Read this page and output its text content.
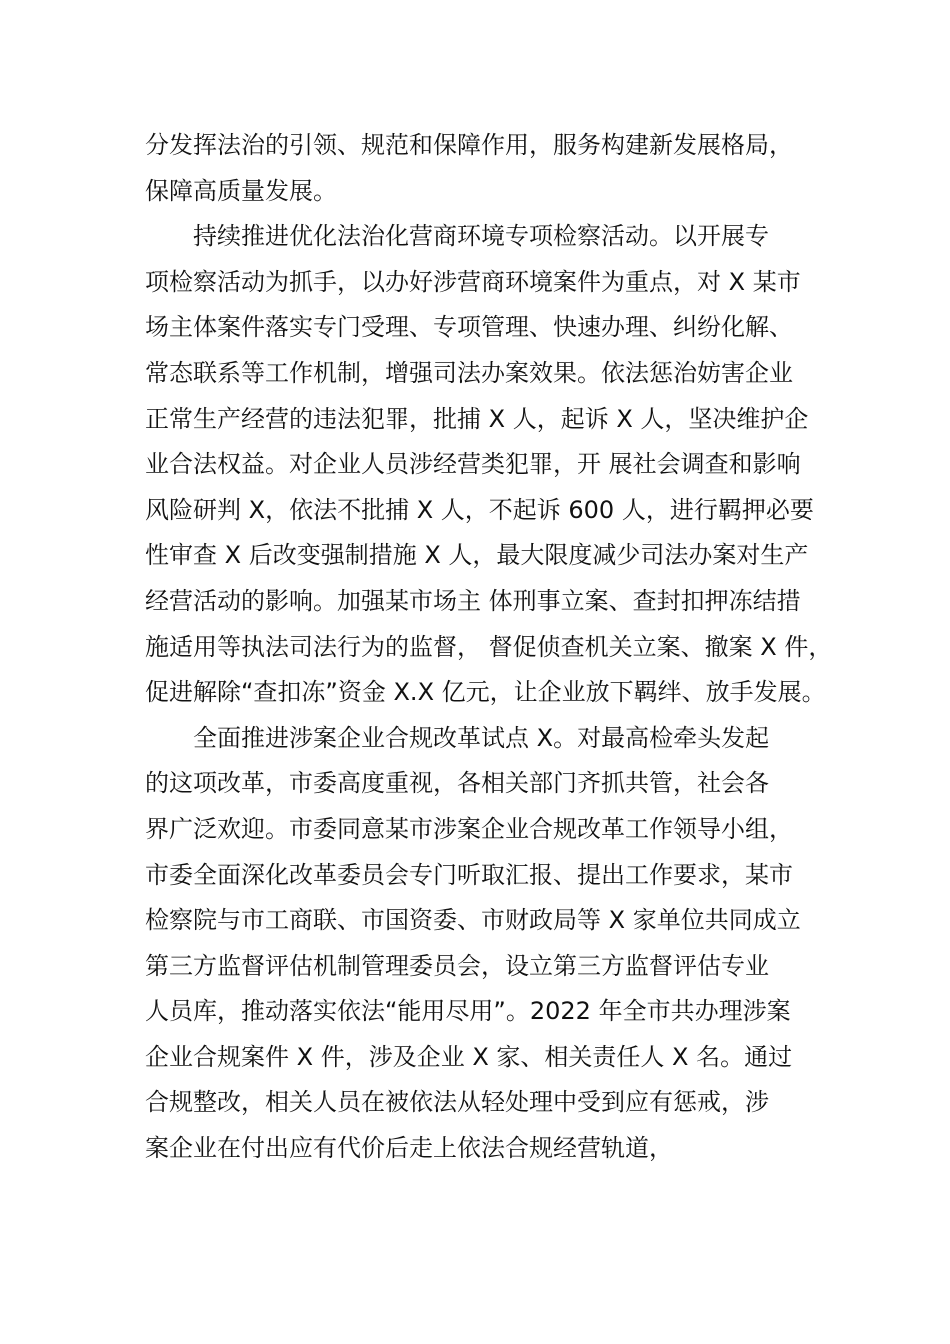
分发挥法治的引领、规范和保障作用，服务构建新发展格局，
保障高质量发展。
持续推进优化法治化营商环境专项检察活动。以开展专
项检察活动为抓手，以办好涉营商环境案件为重点，对 X 某市
场主体案件落实专门受理、专项管理、快速办理、纠纷化解、
常态联系等工作机制，增强司法办案效果。依法惩治妨害企业
正常生产经营的违法犯罪，批捕 X 人，起诉 X 人，坚决维护企
业合法权益。对企业人员涉经营类犯罪，开 展社会调查和影响
风险研判 X，依法不批捕 X 人，不起诉 600 人，进行羁押必要
性审查 X 后改变强制措施 X 人，最大限度减少司法办案对生产
经营活动的影响。加强某市场主 体刑事立案、查封扣押冻结措
施适用等执法司法行为的监督， 督促侦查机关立案、撤案 X 件，
促进解除“查扣冻”资金 X.X 亿元，让企业放下羁绊、放手发展。
全面推进涉案企业合规改革试点 X。对最高检牵头发起
的这项改革，市委高度重视，各相关部门齐抓共管，社会各
界广泛欢迎。市委同意某市涉案企业合规改革工作领导小组，
市委全面深化改革委员会专门听取汇报、提出工作要求，某市
检察院与市工商联、市国资委、市财政局等 X 家单位共同成立
第三方监督评估机制管理委员会，设立第三方监督评估专业
人员库，推动落实依法“能用尽用”。2022 年全市共办理涉案
企业合规案件 X 件，涉及企业 X 家、相关责任人 X 名。通过
合规整改，相关人员在被依法从轻处理中受到应有惩戒，涉
案企业在付出应有代价后走上依法合规经营轨道，
